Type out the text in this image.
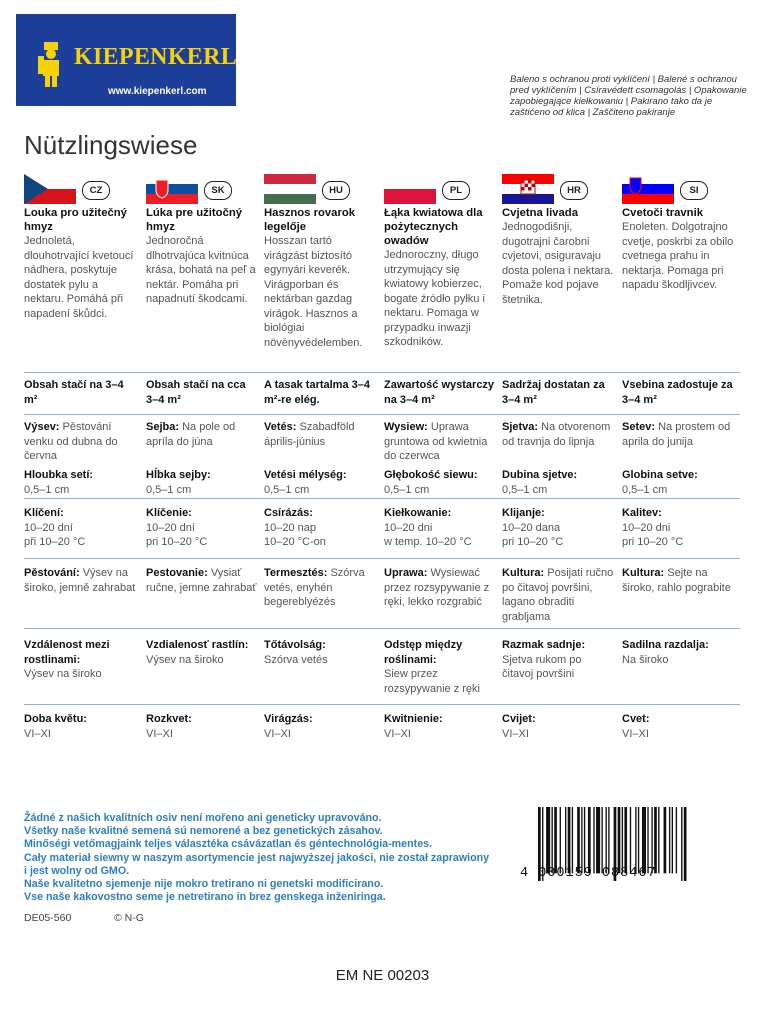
KIEPENKERL
www.kiepenkerl.com
Baleno s ochranou proti vyklíčení | Balené s ochranou pred vyklíčením | Csíravédett csomagolás | Opakowanie zapobiegające kiełkowaniu | Pakirano tako da je zaštićeno od klica | Zaščiteno pakiranje
Nützlingswiese
CZ
Louka pro užitečný hmyz
Jednoletá, dlouhotrvající kvetoucí nádhera, poskytuje dostatek pylu a nektaru. Pomáhá při napadení škůdci.
Obsah stačí na 3–4 m²
Výsev: Pěstování venku od dubna do června
Hloubka setí:
0,5–1 cm
Klíčení:
10–20 dní
při 10–20 °C
Pěstování: Výsev na široko, jemně zahrabat
Vzdálenost mezi rostlinami:
Výsev na široko
Doba květu:
VI–XI
SK
Lúka pre užitočný hmyz
Jednoročná dlhotrvajúca kvitnúca krása, bohatá na peľ a nektár. Pomáha pri napadnutí škodcami.
Obsah stačí na cca 3–4 m²
Sejba: Na pole od apríla do júna
Hĺbka sejby:
0,5–1 cm
Klíčenie:
10–20 dní
pri 10–20 °C
Pestovanie: Vysiať ručne, jemne zahrabať
Vzdialenosť rastlín:
Výsev na široko
Rozkvet:
VI–XI
HU
Hasznos rovarok legelője
Hosszan tartó virágzást biztosító egynyári keverék. Virágporban és nektárban gazdag virágok. Hasznos a biológiai növényvédelemben.
A tasak tartalma 3–4 m²-re elég.
Vetés: Szabadföld április-június
Vetési mélység:
0,5–1 cm
Csírázás:
10–20 nap
10–20 °C-on
Termesztés: Szórva vetés, enyhén begereblyézés
Tőtávolság:
Szórva vetés
Virágzás:
VI–XI
PL
Łąka kwiatowa dla pożytecznych owadów
Jednoroczny, długo utrzymujący się kwiatowy kobierzec, bogate źródło pyłku i nektaru. Pomaga w przypadku inwazji szkodników.
Zawartość wystarczy na 3–4 m²
Wysiew: Uprawa gruntowa od kwietnia do czerwca
Głębokość siewu:
0,5–1 cm
Kiełkowanie:
10–20 dni
w temp. 10–20 °C
Uprawa: Wysiewać przez rozsypywanie z ręki, lekko rozgrabić
Odstęp między roślinami:
Siew przez rozsypywanie z ręki
Kwitnienie:
VI–XI
HR
Cvjetna livada
Jednogodišnji, dugotrajni čarobni cvjetovi, osiguravaju dosta polena i nektara. Pomaže kod pojave štetnika.
Sadržaj dostatan za 3–4 m²
Sjetva: Na otvorenom od travnja do lipnja
Dubina sjetve:
0,5–1 cm
Klijanje:
10–20 dana
pri 10–20 °C
Kultura: Posijati ručno po čitavoj površini, lagano obraditi grabljama
Razmak sadnje:
Sjetva rukom po čitavoj površini
Cvijet:
VI–XI
SI
Cvetoči travnik
Enoleten. Dolgotrajno cvetje, poskrbi za obilo cvetnega prahu in nektarja. Pomaga pri napadu škodljivcev.
Vsebina zadostuje za 3–4 m²
Setev: Na prostem od aprila do junija
Globina setve:
0,5–1 cm
Kalitev:
10–20 dni
pri 10–20 °C
Kultura: Sejte na široko, rahlo pograbite
Sadilna razdalja:
Na široko
Cvet:
VI–XI
Žádné z našich kvalitních osiv není mořeno ani geneticky upravováno.
Všetky naše kvalitné semená sú nemorené a bez genetických zásahov.
Minőségi vetőmagjaink teljes választéka csávázatlan és géntechnológia-mentes.
Cały materiał siewny w naszym asortymencie jest najwyższej jakości, nie został zaprawiony i jest wolny od GMO.
Naše kvalitetno sjemenje nije mokro tretirano ni genetski modificirano.
Vse naše kakovostno seme je netretirano in brez genskega inženiringa.
DE05-560	© N-G
4 000159 088467
EM NE 00203
